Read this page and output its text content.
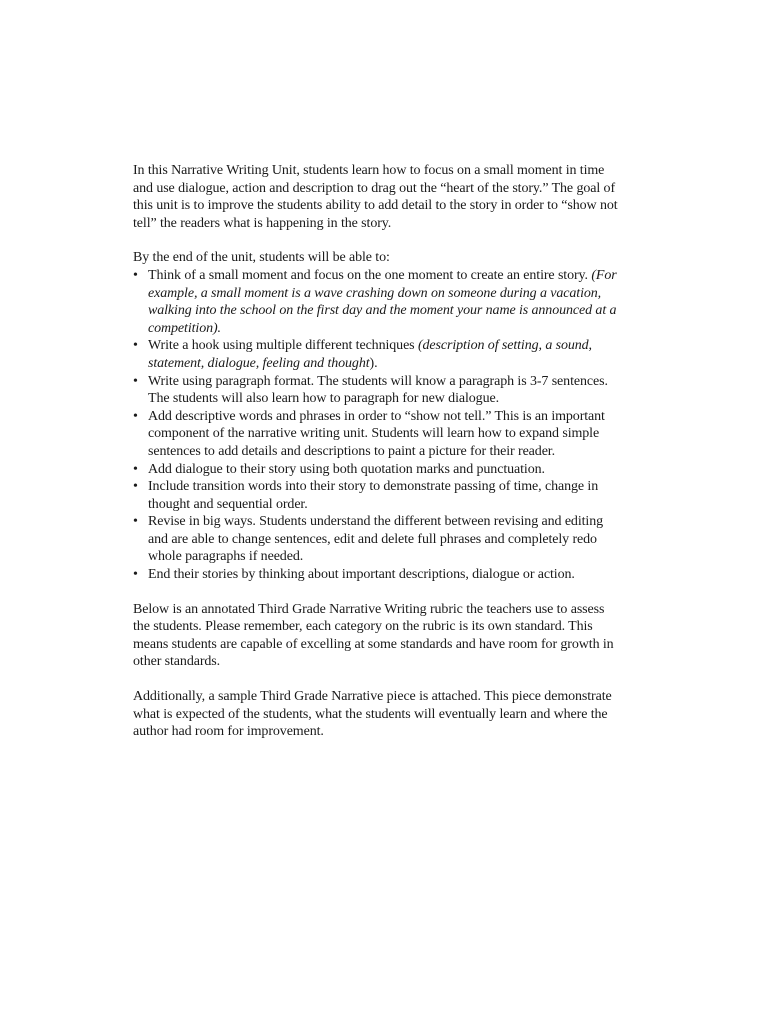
In this Narrative Writing Unit, students learn how to focus on a small moment in time and use dialogue, action and description to drag out the “heart of the story.” The goal of this unit is to improve the students ability to add detail to the story in order to “show not tell” the readers what is happening in the story.

By the end of the unit, students will be able to:

• Think of a small moment and focus on the one moment to create an entire story. (For example, a small moment is a wave crashing down on someone during a vacation, walking into the school on the first day and the moment your name is announced at a competition).
• Write a hook using multiple different techniques (description of setting, a sound, statement, dialogue, feeling and thought).
• Write using paragraph format. The students will know a paragraph is 3-7 sentences. The students will also learn how to paragraph for new dialogue.
• Add descriptive words and phrases in order to “show not tell.” This is an important component of the narrative writing unit. Students will learn how to expand simple sentences to add details and descriptions to paint a picture for their reader.
• Add dialogue to their story using both quotation marks and punctuation.
• Include transition words into their story to demonstrate passing of time, change in thought and sequential order.
• Revise in big ways. Students understand the different between revising and editing and are able to change sentences, edit and delete full phrases and completely redo whole paragraphs if needed.
• End their stories by thinking about important descriptions, dialogue or action.

Below is an annotated Third Grade Narrative Writing rubric the teachers use to assess the students. Please remember, each category on the rubric is its own standard. This means students are capable of excelling at some standards and have room for growth in other standards.

Additionally, a sample Third Grade Narrative piece is attached. This piece demonstrate what is expected of the students, what the students will eventually learn and where the author had room for improvement.
